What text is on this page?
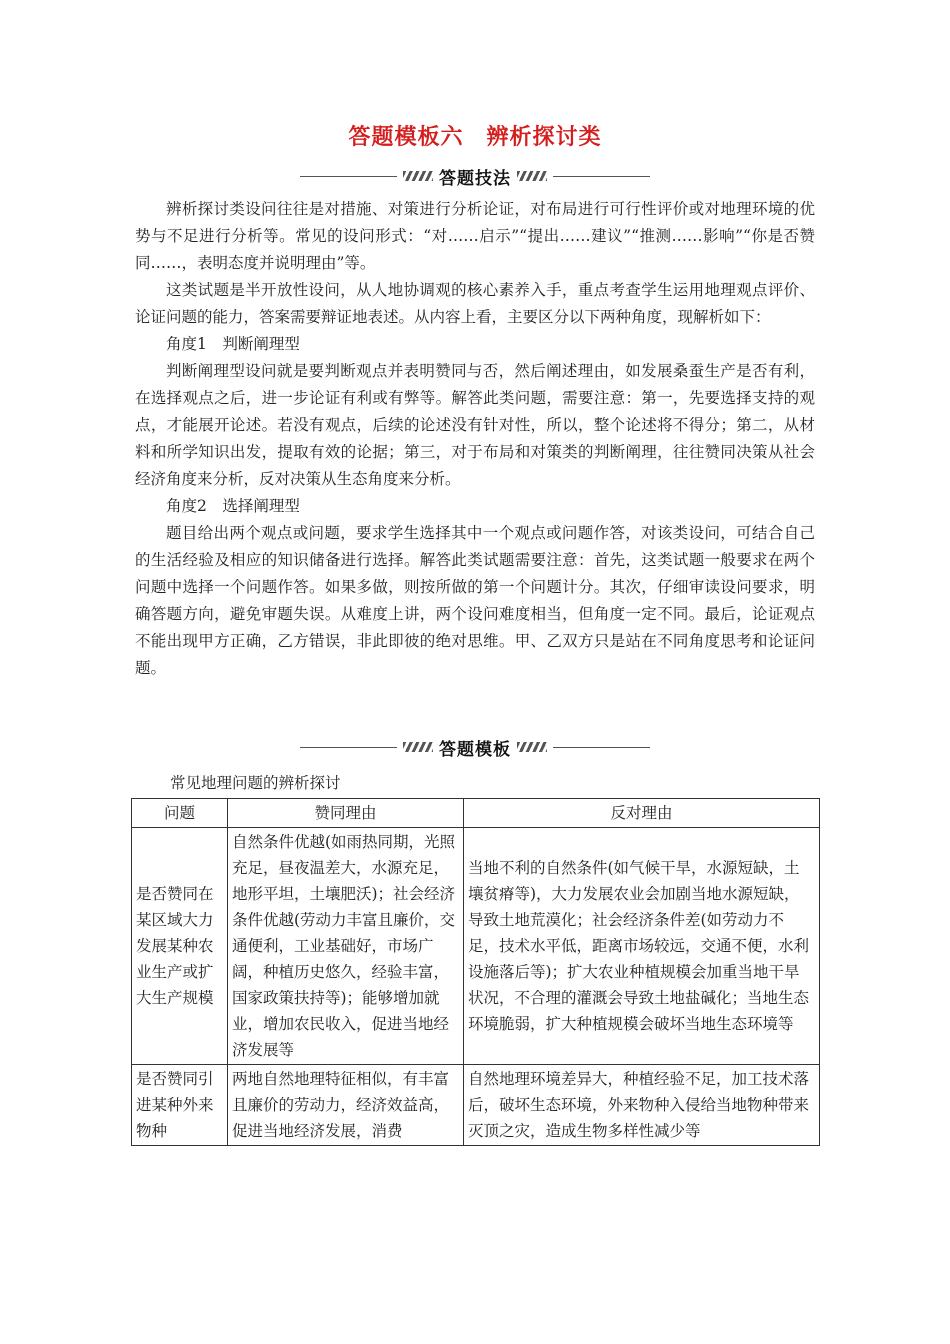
答题模板六　辨析探讨类
答题技法

辨析探讨类设问往往是对措施、对策进行分析论证，对布局进行可行性评价或对地理环境的优势与不足进行分析等。常见的设问形式：“对……启示”“提出……建议”“推测……影响”“你是否赞同……，表明态度并说明理由”等。

这类试题是半开放性设问，从人地协调观的核心素养入手，重点考查学生运用地理观点评价、论证问题的能力，答案需要辩证地表述。从内容上看，主要区分以下两种角度，现解析如下：

角度1　判断阐理型

判断阐理型设问就是要判断观点并表明赞同与否，然后阐述理由，如发展桑蚕生产是否有利，在选择观点之后，进一步论证有利或有弊等。解答此类问题，需要注意：第一，先要选择支持的观点，才能展开论述。若没有观点，后续的论述没有针对性，所以，整个论述将不得分；第二，从材料和所学知识出发，提取有效的论据；第三，对于布局和对策类的判断阐理，往往赞同决策从社会经济角度来分析，反对决策从生态角度来分析。

角度2　选择阐理型

题目给出两个观点或问题，要求学生选择其中一个观点或问题作答，对该类设问，可结合自己的生活经验及相应的知识储备进行选择。解答此类试题需要注意：首先，这类试题一般要求在两个问题中选择一个问题作答。如果多做，则按所做的第一个问题计分。其次，仔细审读设问要求，明确答题方向，避免审题失误。从难度上讲，两个设问难度相当，但角度一定不同。最后，论证观点不能出现甲方正确，乙方错误，非此即彼的绝对思维。甲、乙双方只是站在不同角度思考和论证问题。

答题模板
常见地理问题的辨析探讨
问题	赞同理由	反对理由
是否赞同在某区域大力发展某种农业生产或扩大生产规模	自然条件优越(如雨热同期，光照充足，昼夜温差大，水源充足，地形平坦，土壤肥沃)；社会经济条件优越(劳动力丰富且廉价，交通便利，工业基础好，市场广阔，种植历史悠久，经验丰富，国家政策扶持等)；能够增加就业，增加农民收入，促进当地经济发展等	当地不利的自然条件(如气候干旱，水源短缺，土壤贫瘠等)，大力发展农业会加剧当地水源短缺，导致土地荒漠化；社会经济条件差(如劳动力不足，技术水平低，距离市场较远，交通不便，水利设施落后等)；扩大农业种植规模会加重当地干旱状况，不合理的灌溉会导致土地盐碱化；当地生态环境脆弱，扩大种植规模会破坏当地生态环境等
是否赞同引进某种外来物种	两地自然地理特征相似，有丰富且廉价的劳动力，经济效益高，促进当地经济发展，消费	自然地理环境差异大，种植经验不足，加工技术落后，破坏生态环境，外来物种入侵给当地物种带来灭顶之灾，造成生物多样性减少等
